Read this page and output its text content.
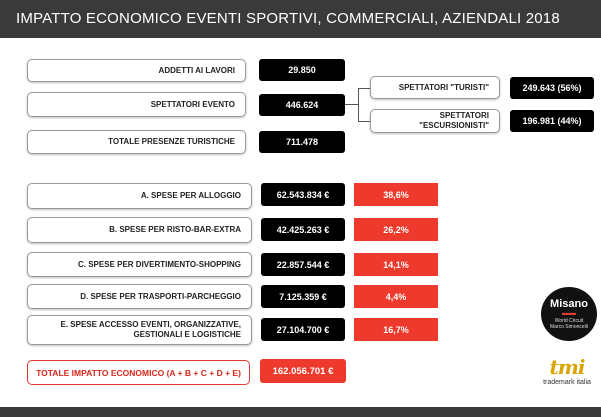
IMPATTO ECONOMICO EVENTI SPORTIVI, COMMERCIALI, AZIENDALI 2018
ADDETTI AI LAVORI	29.850
SPETTATORI EVENTO	446.624
TOTALE PRESENZE TURISTICHE	711.478
SPETTATORI "TURISTI"	249.643 (56%)
SPETTATORI "ESCURSIONISTI"	196.981 (44%)
A. SPESE PER ALLOGGIO	62.543.834 €	38,6%
B. SPESE PER RISTO-BAR-EXTRA	42.425.263 €	26,2%
C. SPESE PER DIVERTIMENTO-SHOPPING	22.857.544 €	14,1%
D. SPESE PER TRASPORTI-PARCHEGGIO	7.125.359 €	4,4%
E. SPESE ACCESSO EVENTI, ORGANIZZATIVE,
GESTIONALI E LOGISTICHE	27.104.700 €	16,7%
TOTALE IMPATTO ECONOMICO (A + B + C + D + E)	162.056.701 €
Misano
▬▬
World Circuit
Marco Simoncelli
tmi
trademark italia
